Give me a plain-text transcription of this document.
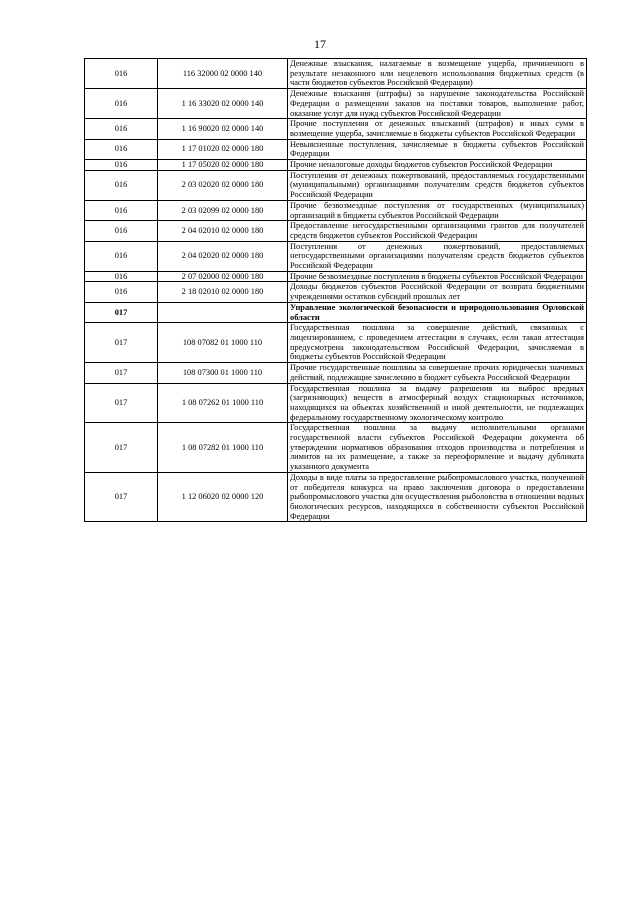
17
016	116 32000 02 0000 140	Денежные взыскания, налагаемые в возмещение ущерба, причиненного в результате незаконного или нецелевого использования бюджетных средств (в части бюджетов субъектов Российской Федерации)
016	1 16 33020 02 0000 140	Денежные взыскания (штрафы) за нарушение законодательства Российской Федерации о размещении заказов на поставки товаров, выполнение работ, оказание услуг для нужд субъектов Российской Федерации
016	1 16 90020 02 0000 140	Прочие поступления от денежных взысканий (штрафов) и иных сумм в возмещение ущерба, зачисляемые в бюджеты субъектов Российской Федерации
016	1 17 01020 02 0000 180	Невыясненные поступления, зачисляемые в бюджеты субъектов Российской Федерации
016	1 17 05020 02 0000 180	Прочие неналоговые доходы бюджетов субъектов Российской Федерации
016	2 03 02020 02 0000 180	Поступления от денежных пожертвований, предоставляемых государственными (муниципальными) организациями получателям средств бюджетов субъектов Российской Федерации
016	2 03 02099 02 0000 180	Прочие безвозмездные поступления от государственных (муниципальных) организаций в бюджеты субъектов Российской Федерации
016	2 04 02010 02 0000 180	Предоставление негосударственными организациями грантов для получателей средств бюджетов субъектов Российской Федерации
016	2 04 02020 02 0000 180	Поступления от денежных пожертвований, предоставляемых негосударственными организациями получателям средств бюджетов субъектов Российской Федерации
016	2 07 02000 02 0000 180	Прочие безвозмездные поступления в бюджеты субъектов Российской Федерации
016	2 18 02010 02 0000 180	Доходы бюджетов субъектов Российской Федерации от возврата бюджетными учреждениями остатков субсидий прошлых лет
017		Управление экологической безопасности и природопользования Орловской области
017	108 07082 01 1000 110	Государственная пошлина за совершение действий, связанных с лицензированием, с проведением аттестации в случаях, если такая аттестация предусмотрена законодательством Российской Федерации, зачисляемая в бюджеты субъектов Российской Федерации
017	108 07300 01 1000 110	Прочие государственные пошлины за совершение прочих юридически значимых действий, подлежащие зачислению в бюджет субъекта Российской Федерации
017	1 08 07262 01 1000 110	Государственная пошлина за выдачу разрешения на выброс вредных (загрязняющих) веществ в атмосферный воздух стационарных источников, находящихся на объектах хозяйственной и иной деятельности, не подлежащих федеральному государственному экологическому контролю
017	1 08 07282 01 1000 110	Государственная пошлина за выдачу исполнительными органами государственной власти субъектов Российской Федерации документа об утверждении нормативов образования отходов производства и потребления и лимитов на их размещение, а также за переоформление и выдачу дубликата указанного документа
017	1 12 06020 02 0000 120	Доходы в виде платы за предоставление рыбопромыслового участка, полученной от победителя конкурса на право заключения договора о предоставлении рыбопромыслового участка для осуществления рыболовства в отношении водных биологических ресурсов, находящихся в собственности субъектов Российской Федерации
